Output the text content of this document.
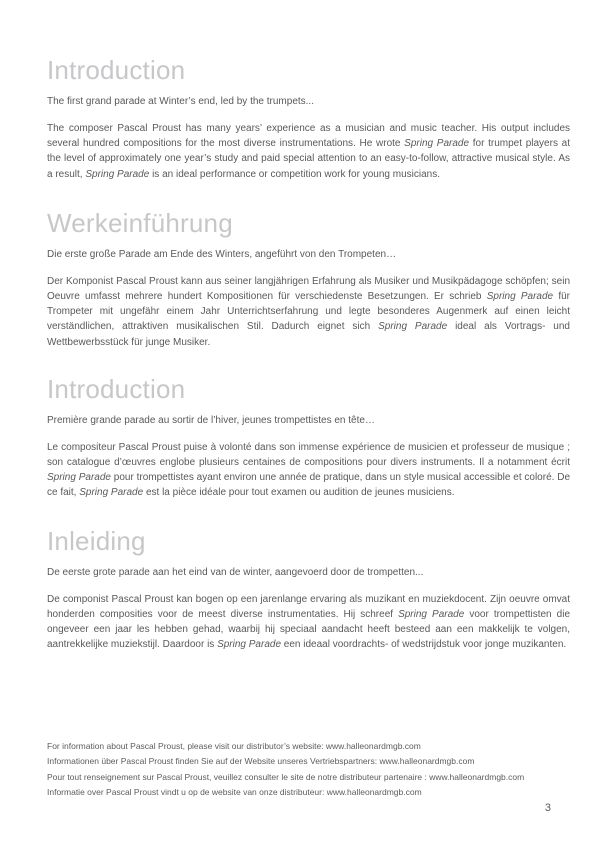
Introduction

The first grand parade at Winter’s end, led by the trumpets...

The composer Pascal Proust has many years’ experience as a musician and music teacher. His output includes several hundred compositions for the most diverse instrumentations. He wrote Spring Parade for trumpet players at the level of approximately one year’s study and paid special attention to an easy-to-follow, attractive musical style. As a result, Spring Parade is an ideal performance or competition work for young musicians.

Werkeinführung

Die erste große Parade am Ende des Winters, angeführt von den Trompeten…

Der Komponist Pascal Proust kann aus seiner langjährigen Erfahrung als Musiker und Musikpädagoge schöpfen; sein Oeuvre umfasst mehrere hundert Kompositionen für verschiedenste Besetzungen. Er schrieb Spring Parade für Trompeter mit ungefähr einem Jahr Unterrichtserfahrung und legte besonderes Augenmerk auf einen leicht verständlichen, attraktiven musikalischen Stil. Dadurch eignet sich Spring Parade ideal als Vortrags- und Wettbewerbsstück für junge Musiker.

Introduction

Première grande parade au sortir de l’hiver, jeunes trompettistes en tête…

Le compositeur Pascal Proust puise à volonté dans son immense expérience de musicien et professeur de musique ; son catalogue d’œuvres englobe plusieurs centaines de compositions pour divers instruments. Il a notamment écrit Spring Parade pour trompettistes ayant environ une année de pratique, dans un style musical accessible et coloré. De ce fait, Spring Parade est la pièce idéale pour tout examen ou audition de jeunes musiciens.

Inleiding

De eerste grote parade aan het eind van de winter, aangevoerd door de trompetten...

De componist Pascal Proust kan bogen op een jarenlange ervaring als muzikant en muziekdocent. Zijn oeuvre omvat honderden composities voor de meest diverse instrumentaties. Hij schreef Spring Parade voor trompettisten die ongeveer een jaar les hebben gehad, waarbij hij speciaal aandacht heeft besteed aan een makkelijk te volgen, aantrekkelijke muziekstijl. Daardoor is Spring Parade een ideaal voordrachts- of wedstrijdstuk voor jonge muzikanten.

For information about Pascal Proust, please visit our distributor’s website: www.halleonardmgb.com

Informationen über Pascal Proust finden Sie auf der Website unseres Vertriebspartners: www.halleonardmgb.com

Pour tout renseignement sur Pascal Proust, veuillez consulter le site de notre distributeur partenaire : www.halleonardmgb.com

Informatie over Pascal Proust vindt u op de website van onze distributeur: www.halleonardmgb.com

3
